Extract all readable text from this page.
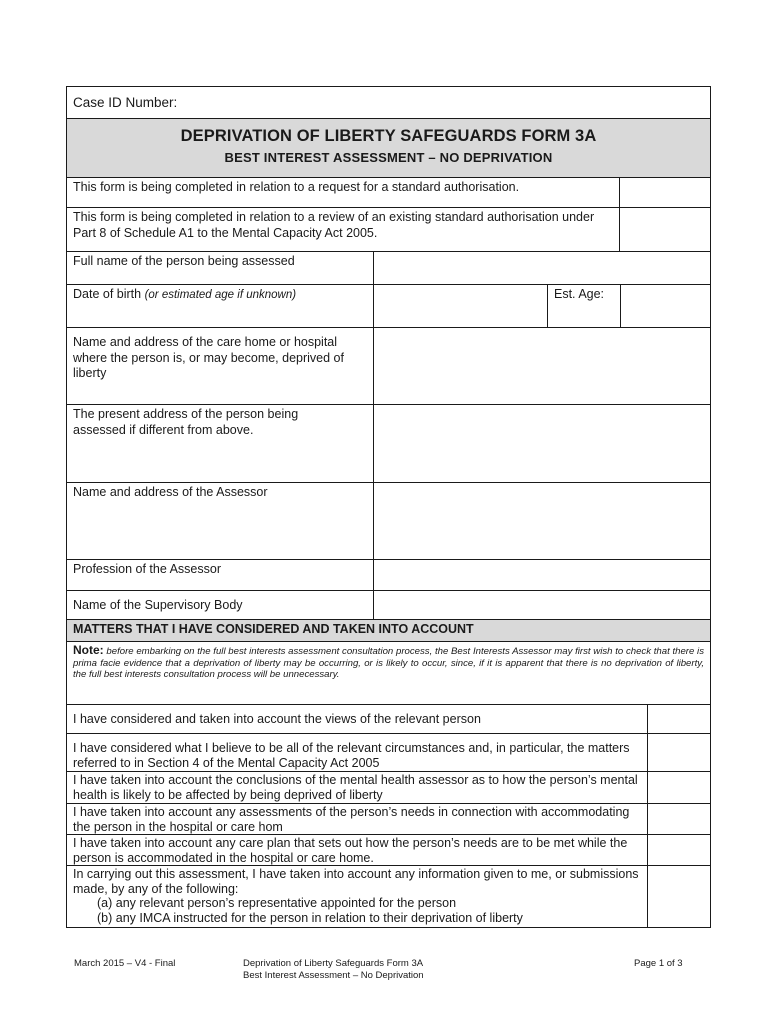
Case ID Number:
DEPRIVATION OF LIBERTY SAFEGUARDS FORM 3A
BEST INTEREST ASSESSMENT – NO DEPRIVATION
This form is being completed in relation to a request for a standard authorisation.
This form is being completed in relation to a review of an existing standard authorisation under Part 8 of Schedule A1 to the Mental Capacity Act 2005.
Full name of the person being assessed
Date of birth (or estimated age if unknown)	Est. Age:
Name and address of the care home or hospital where the person is, or may become, deprived of liberty
The present address of the person being assessed if different from above.
Name and address of the Assessor
Profession of the Assessor
Name of the Supervisory Body
MATTERS THAT I HAVE CONSIDERED AND TAKEN INTO ACCOUNT
Note: before embarking on the full best interests assessment consultation process, the Best Interests Assessor may first wish to check that there is prima facie evidence that a deprivation of liberty may be occurring, or is likely to occur, since, if it is apparent that there is no deprivation of liberty, the full best interests consultation process will be unnecessary.
I have considered and taken into account the views of the relevant person
I have considered what I believe to be all of the relevant circumstances and, in particular, the matters referred to in Section 4 of the Mental Capacity Act 2005
I have taken into account the conclusions of the mental health assessor as to how the person’s mental health is likely to be affected by being deprived of liberty
I have taken into account any assessments of the person’s needs in connection with accommodating the person in the hospital or care hom
I have taken into account any care plan that sets out how the person’s needs are to be met while the person is accommodated in the hospital or care home.
In carrying out this assessment, I have taken into account any information given to me, or submissions made, by any of the following:
(a) any relevant person’s representative appointed for the person
(b) any IMCA instructed for the person in relation to their deprivation of liberty
March 2015 – V4 - Final	Deprivation of Liberty Safeguards Form 3A
Best Interest Assessment – No Deprivation
Page 1 of 3
